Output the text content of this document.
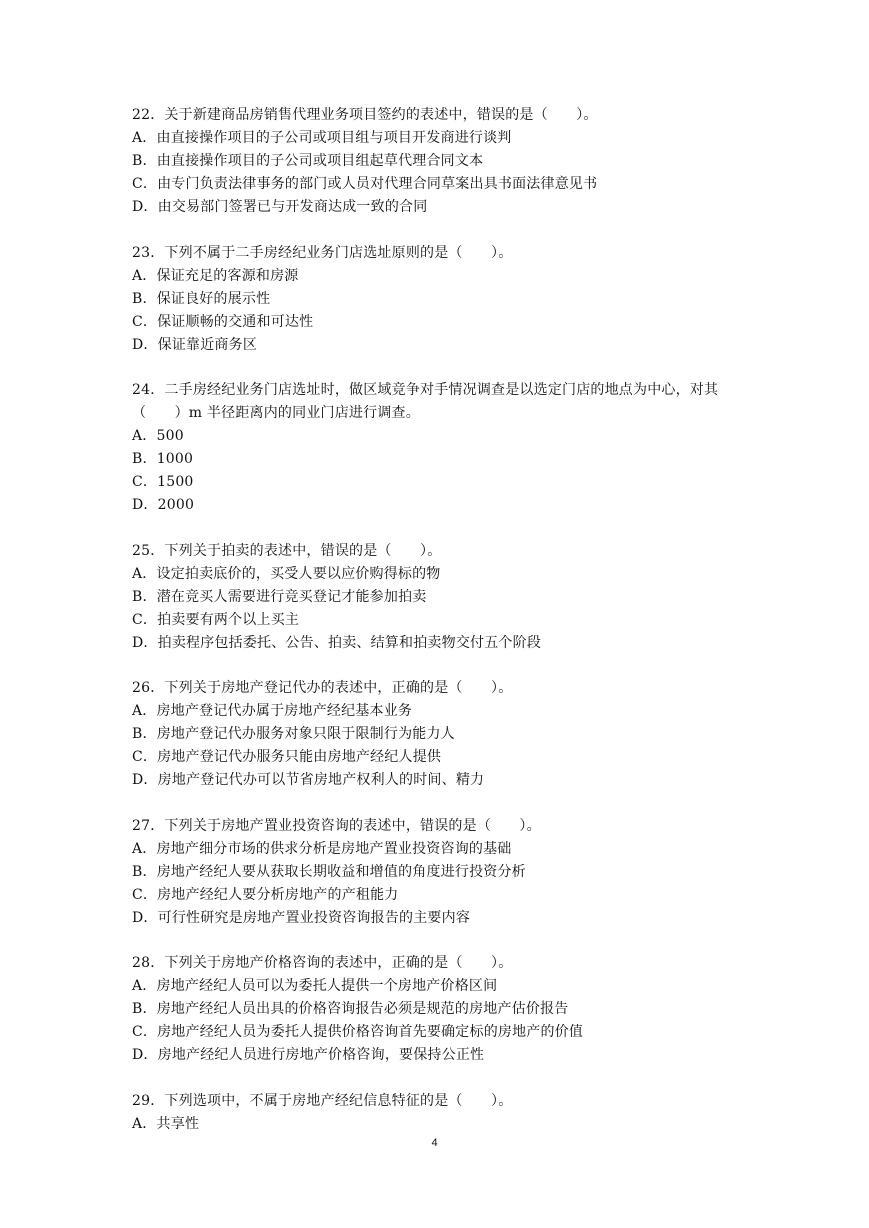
22．关于新建商品房销售代理业务项目签约的表述中，错误的是（　　）。

A．由直接操作项目的子公司或项目组与项目开发商进行谈判

B．由直接操作项目的子公司或项目组起草代理合同文本

C．由专门负责法律事务的部门或人员对代理合同草案出具书面法律意见书

D．由交易部门签署已与开发商达成一致的合同

23．下列不属于二手房经纪业务门店选址原则的是（　　）。

A．保证充足的客源和房源

B．保证良好的展示性

C．保证顺畅的交通和可达性

D．保证靠近商务区

24．二手房经纪业务门店选址时，做区域竞争对手情况调查是以选定门店的地点为中心，对其（　　）m 半径距离内的同业门店进行调查。

A．500

B．1000

C．1500

D．2000

25．下列关于拍卖的表述中，错误的是（　　）。

A．设定拍卖底价的，买受人要以应价购得标的物

B．潜在竞买人需要进行竞买登记才能参加拍卖

C．拍卖要有两个以上买主

D．拍卖程序包括委托、公告、拍卖、结算和拍卖物交付五个阶段

26．下列关于房地产登记代办的表述中，正确的是（　　）。

A．房地产登记代办属于房地产经纪基本业务

B．房地产登记代办服务对象只限于限制行为能力人

C．房地产登记代办服务只能由房地产经纪人提供

D．房地产登记代办可以节省房地产权利人的时间、精力

27．下列关于房地产置业投资咨询的表述中，错误的是（　　）。

A．房地产细分市场的供求分析是房地产置业投资咨询的基础

B．房地产经纪人要从获取长期收益和增值的角度进行投资分析

C．房地产经纪人要分析房地产的产租能力

D．可行性研究是房地产置业投资咨询报告的主要内容

28．下列关于房地产价格咨询的表述中，正确的是（　　）。

A．房地产经纪人员可以为委托人提供一个房地产价格区间

B．房地产经纪人员出具的价格咨询报告必须是规范的房地产估价报告

C．房地产经纪人员为委托人提供价格咨询首先要确定标的房地产的价值

D．房地产经纪人员进行房地产价格咨询，要保持公正性

29．下列选项中，不属于房地产经纪信息特征的是（　　）。

A．共享性

4
